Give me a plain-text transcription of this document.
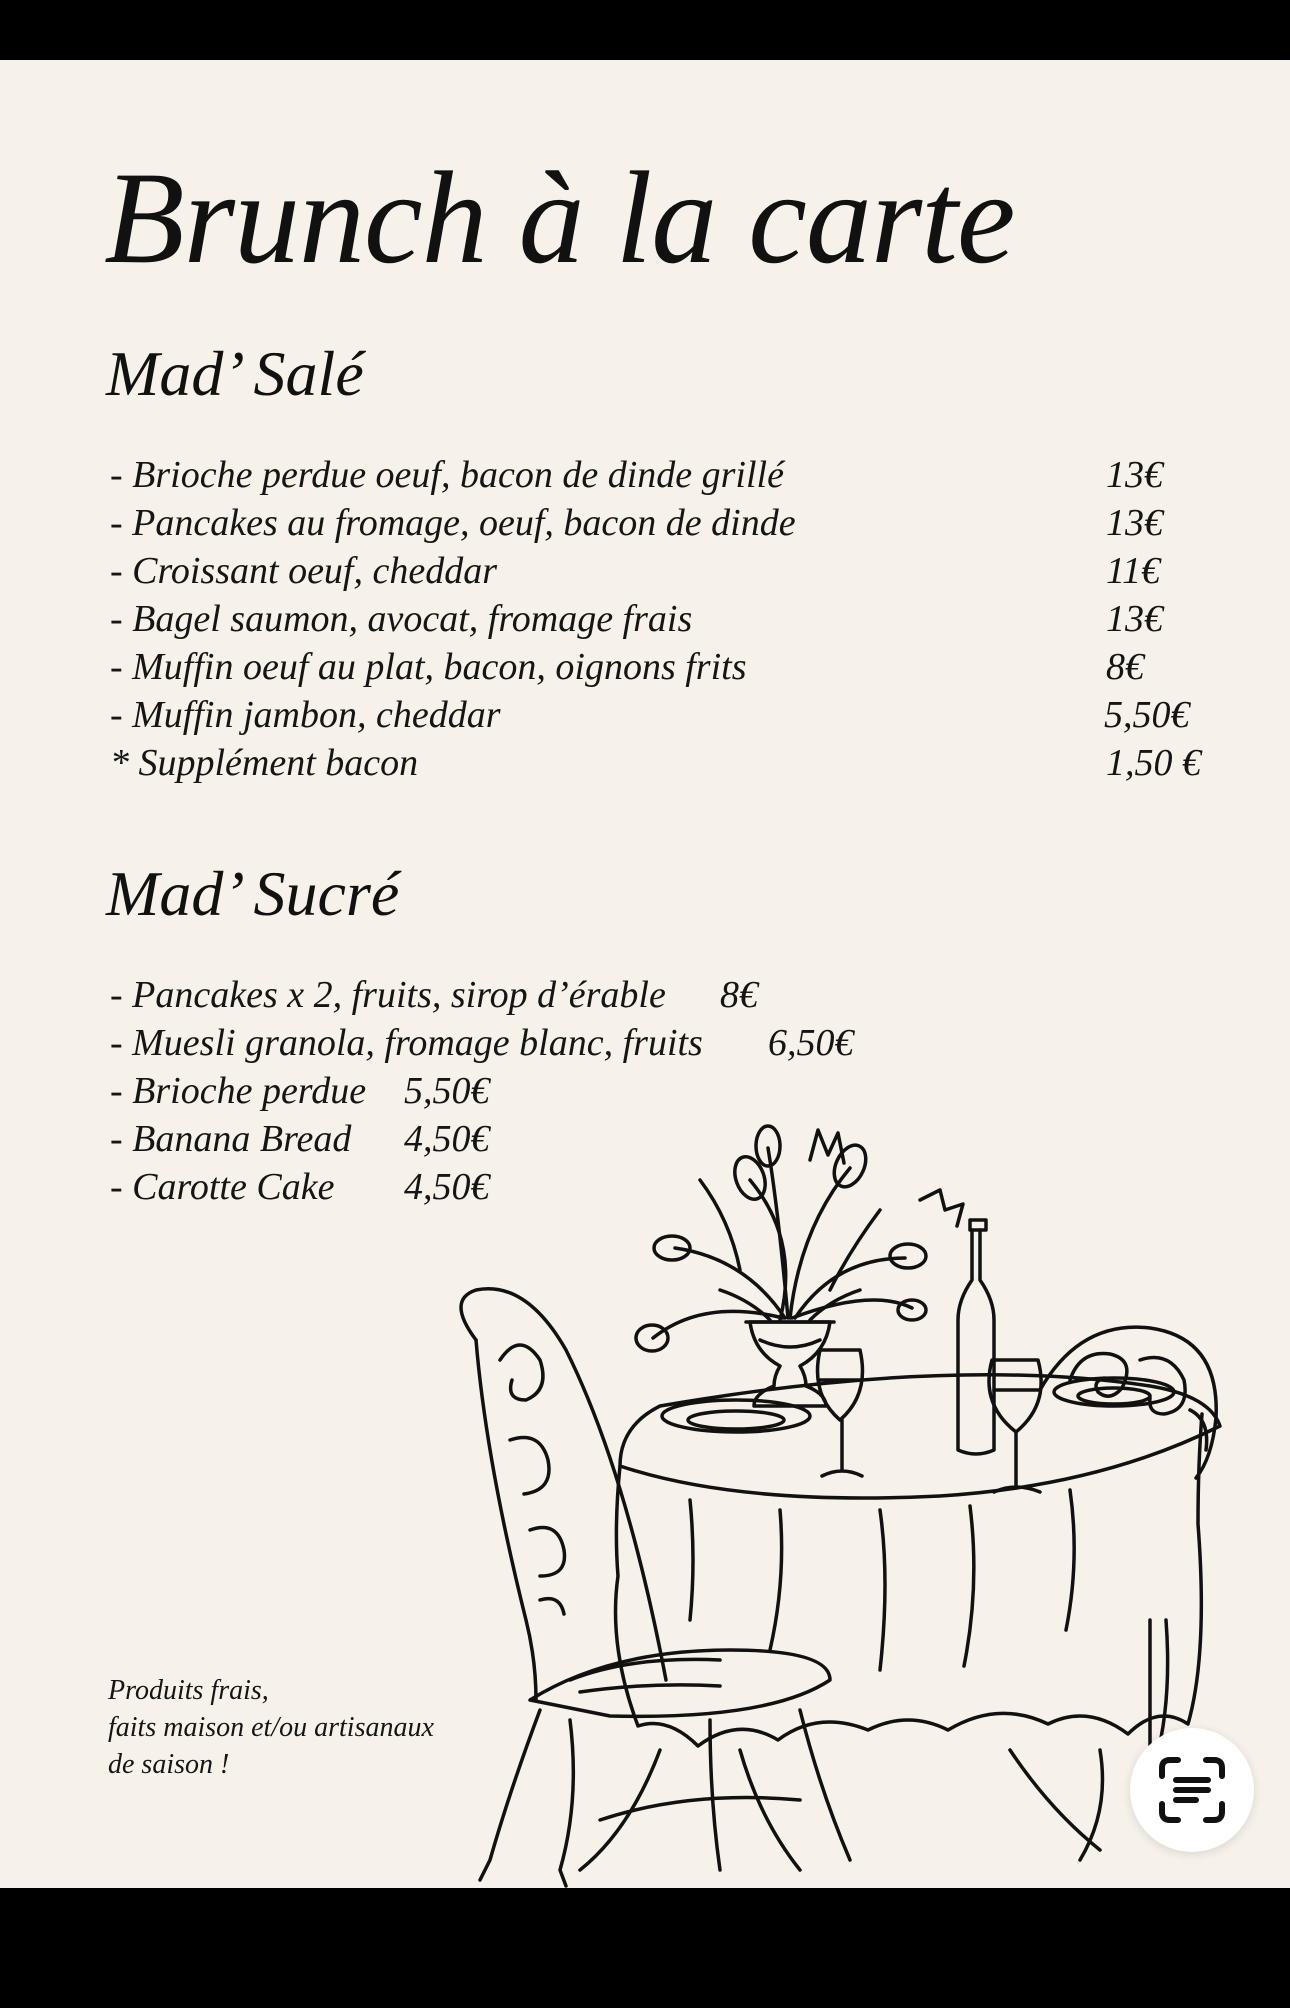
Brunch à la carte
Mad’ Salé
- Brioche perdue oeuf, bacon de dinde grillé	13€
- Pancakes au fromage, oeuf, bacon de dinde	13€
- Croissant oeuf, cheddar	11€
- Bagel saumon, avocat, fromage frais	13€
- Muffin oeuf au plat, bacon, oignons frits	8€
- Muffin jambon, cheddar	5,50€
* Supplément bacon	1,50 €
Mad’ Sucré
- Pancakes x 2, fruits, sirop d’érable 8€
- Muesli granola, fromage blanc, fruits 6,50€
- Brioche perdue 5,50€
- Banana Bread 4,50€
- Carotte Cake 4,50€
Produits frais,
faits maison et/ou artisanaux
de saison !
